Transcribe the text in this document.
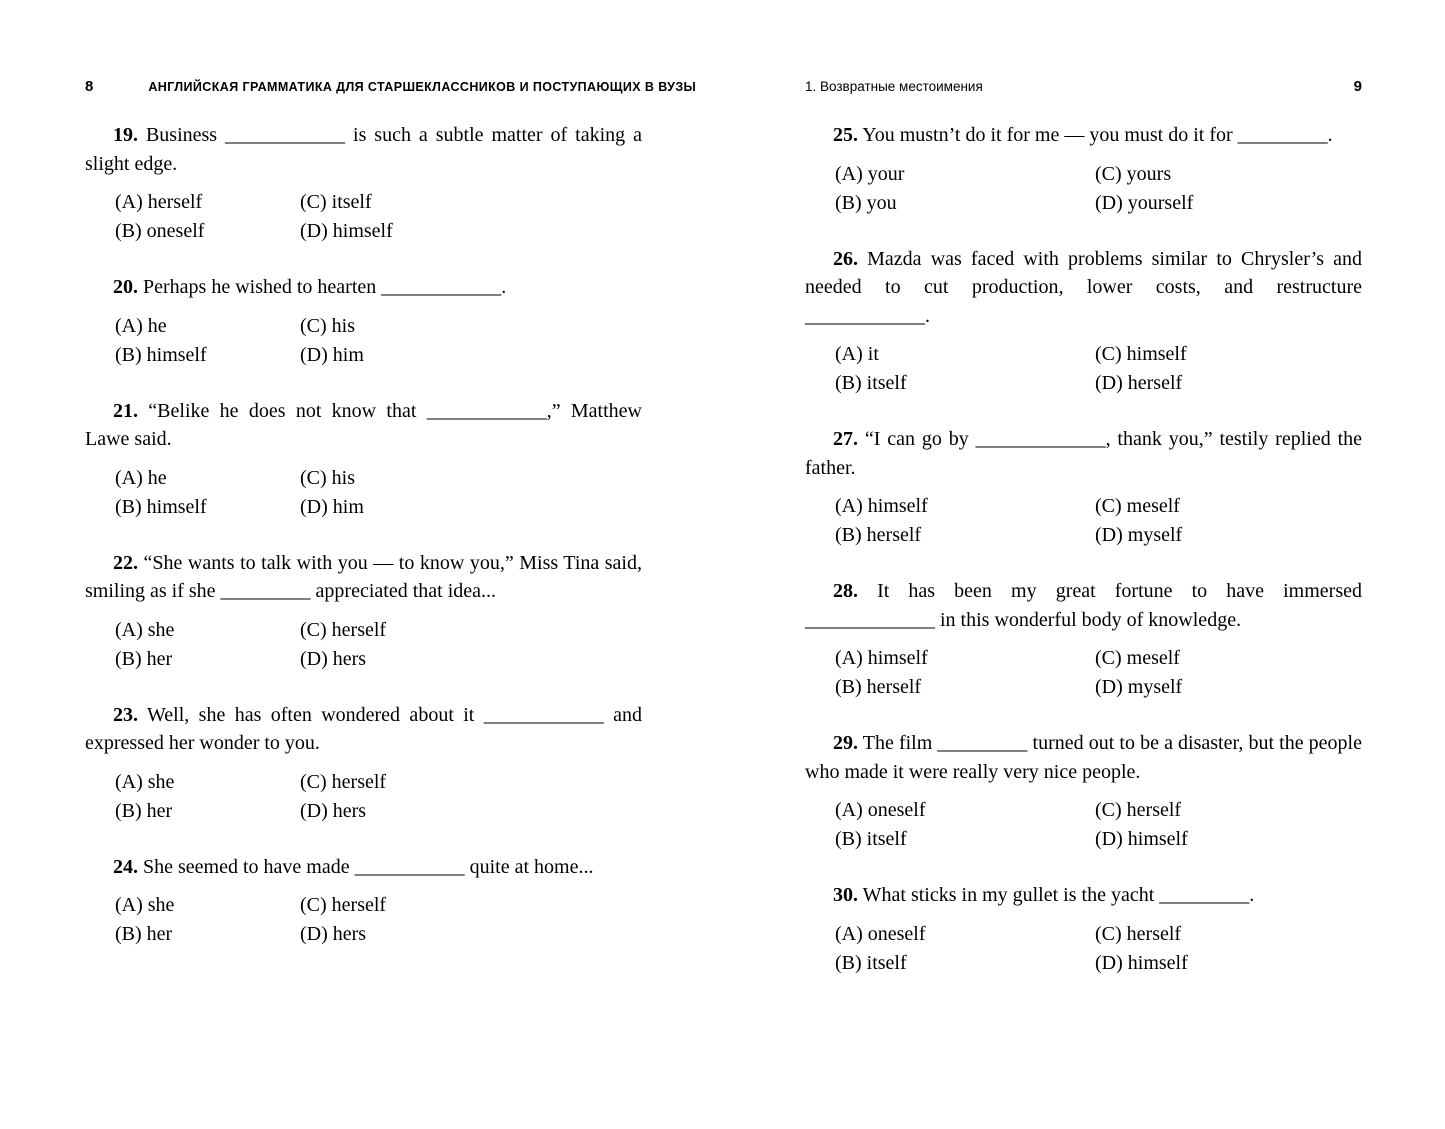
8	АНГЛИЙСКАЯ ГРАММАТИКА ДЛЯ СТАРШЕКЛАССНИКОВ И ПОСТУПАЮЩИХ В ВУЗЫ

19. Business ____________ is such a subtle matter of taking a slight edge.

(A) herself	(C) itself
(B) oneself	(D) himself

20. Perhaps he wished to hearten ____________.

(A) he	(C) his
(B) himself	(D) him

21. “Belike he does not know that ____________,” Matthew Lawe said.

(A) he	(C) his
(B) himself	(D) him

22. “She wants to talk with you — to know you,” Miss Tina said, smiling as if she _________ appreciated that idea...

(A) she	(C) herself
(B) her	(D) hers

23. Well, she has often wondered about it ____________ and expressed her wonder to you.

(A) she	(C) herself
(B) her	(D) hers

24. She seemed to have made ___________ quite at home...

(A) she	(C) herself
(B) her	(D) hers
1. Возвратные местоимения	9

25. You mustn’t do it for me — you must do it for _________.

(A) your	(C) yours
(B) you	(D) yourself

26. Mazda was faced with problems similar to Chrysler’s and needed to cut production, lower costs, and restructure ____________.

(A) it	(C) himself
(B) itself	(D) herself

27. “I can go by _____________, thank you,” testily replied the father.

(A) himself	(C) meself
(B) herself	(D) myself

28. It has been my great fortune to have immersed _____________ in this wonderful body of knowledge.

(A) himself	(C) meself
(B) herself	(D) myself

29. The film _________ turned out to be a disaster, but the people who made it were really very nice people.

(A) oneself	(C) herself
(B) itself	(D) himself

30. What sticks in my gullet is the yacht _________.

(A) oneself	(C) herself
(B) itself	(D) himself
